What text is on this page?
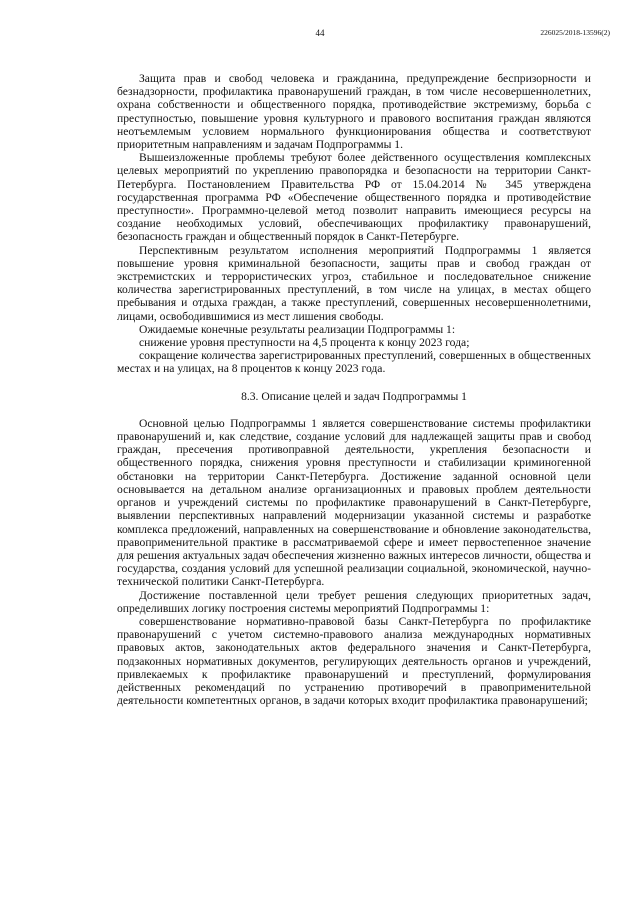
44	226025/2018-13596(2)

Защита прав и свобод человека и гражданина, предупреждение беспризорности и безнадзорности, профилактика правонарушений граждан, в том числе несовершеннолетних, охрана собственности и общественного порядка, противодействие экстремизму, борьба с преступностью, повышение уровня культурного и правового воспитания граждан являются неотъемлемым условием нормального функционирования общества и соответствуют приоритетным направлениям и задачам Подпрограммы 1.

Вышеизложенные проблемы требуют более действенного осуществления комплексных целевых мероприятий по укреплению правопорядка и безопасности на территории Санкт-Петербурга. Постановлением Правительства РФ от 15.04.2014 № 345 утверждена государственная программа РФ «Обеспечение общественного порядка и противодействие преступности». Программно-целевой метод позволит направить имеющиеся ресурсы на создание необходимых условий, обеспечивающих профилактику правонарушений, безопасность граждан и общественный порядок в Санкт-Петербурге.

Перспективным результатом исполнения мероприятий Подпрограммы 1 является повышение уровня криминальной безопасности, защиты прав и свобод граждан от экстремистских и террористических угроз, стабильное и последовательное снижение количества зарегистрированных преступлений, в том числе на улицах, в местах общего пребывания и отдыха граждан, а также преступлений, совершенных несовершеннолетними, лицами, освободившимися из мест лишения свободы.

Ожидаемые конечные результаты реализации Подпрограммы 1:

снижение уровня преступности на 4,5 процента к концу 2023 года;

сокращение количества зарегистрированных преступлений, совершенных в общественных местах и на улицах, на 8 процентов к концу 2023 года.

8.3. Описание целей и задач Подпрограммы 1

Основной целью Подпрограммы 1 является совершенствование системы профилактики правонарушений и, как следствие, создание условий для надлежащей защиты прав и свобод граждан, пресечения противоправной деятельности, укрепления безопасности и общественного порядка, снижения уровня преступности и стабилизации криминогенной обстановки на территории Санкт-Петербурга. Достижение заданной основной цели основывается на детальном анализе организационных и правовых проблем деятельности органов и учреждений системы по профилактике правонарушений в Санкт-Петербурге, выявлении перспективных направлений модернизации указанной системы и разработке комплекса предложений, направленных на совершенствование и обновление законодательства, правоприменительной практике в рассматриваемой сфере и имеет первостепенное значение для решения актуальных задач обеспечения жизненно важных интересов личности, общества и государства, создания условий для успешной реализации социальной, экономической, научно-технической политики Санкт-Петербурга.

Достижение поставленной цели требует решения следующих приоритетных задач, определивших логику построения системы мероприятий Подпрограммы 1:

совершенствование нормативно-правовой базы Санкт-Петербурга по профилактике правонарушений с учетом системно-правового анализа международных нормативных правовых актов, законодательных актов федерального значения и Санкт-Петербурга, подзаконных нормативных документов, регулирующих деятельность органов и учреждений, привлекаемых к профилактике правонарушений и преступлений, формулирования действенных рекомендаций по устранению противоречий в правоприменительной деятельности компетентных органов, в задачи которых входит профилактика правонарушений;
